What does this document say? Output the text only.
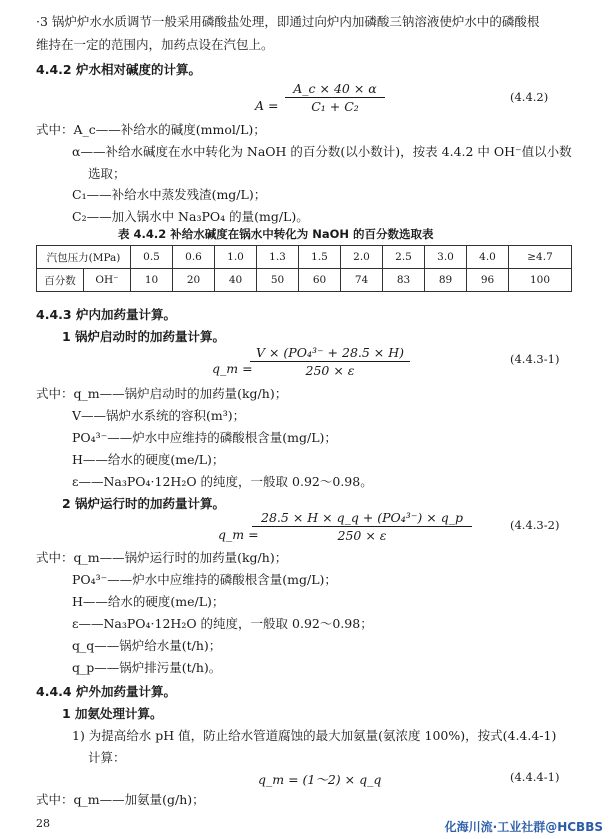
·3 锅炉炉水水质调节一般采用磷酸盐处理，即通过向炉内加磷酸三钠溶液使炉水中的磷酸根
维持在一定的范围内，加药点设在汽包上。
4.4.2 炉水相对碱度的计算。
$A = \frac{A\_c \times 40 \times \alpha}{\text{C₁ + C₂}}$	(4.4.2)
式中：A_c——补给水的碱度(mmol/L)；
α——补给水碱度在水中转化为 NaOH 的百分数(以小数计)，按表 4.4.2 中 OH⁻值以小数
选取；
C₁——补给水中蒸发残渣(mg/L)；
C₂——加入锅水中 Na₃PO₄ 的量(mg/L)。
表 4.4.2 补给水碱度在锅水中转化为 NaOH 的百分数选取表
汽包压力(MPa)		0.5	0.6	1.0	1.3	1.5	2.0	2.5	3.0	4.0	≥4.7
百分数	OH⁻	10	20	40	50	60	74	83	89	96	100
4.4.3 炉内加药量计算。
1 锅炉启动时的加药量计算。
q_m =
$\frac{\text{V × (PO₄³⁻ + 28.5 × H)}}{250 \times \varepsilon}$	(4.4.3-1)
式中：q_m——锅炉启动时的加药量(kg/h)；
V——锅炉水系统的容积(m³)；
PO₄³⁻——炉水中应维持的磷酸根含量(mg/L)；
H——给水的硬度(me/L)；
ε——Na₃PO₄·12H₂O 的纯度，一般取 0.92～0.98。
2 锅炉运行时的加药量计算。
q_m =
$\frac{\text{28.5 × H × q\_q + (PO₄³⁻) × q\_p}}{250 \times \varepsilon}$	(4.4.3-2)
式中：q_m——锅炉运行时的加药量(kg/h)；
PO₄³⁻——炉水中应维持的磷酸根含量(mg/L)；
H——给水的硬度(me/L)；
ε——Na₃PO₄·12H₂O 的纯度，一般取 0.92～0.98；
q_q——锅炉给水量(t/h)；
q_p——锅炉排污量(t/h)。
4.4.4 炉外加药量计算。
1 加氨处理计算。
1) 为提高给水 pH 值，防止给水管道腐蚀的最大加氨量(氨浓度 100%)，按式(4.4.4-1)
计算：
q_m = (1～2) × q_q	(4.4.4-1)
式中：q_m——加氨量(g/h)；
28	化海川流·工业社群@HCBBS
